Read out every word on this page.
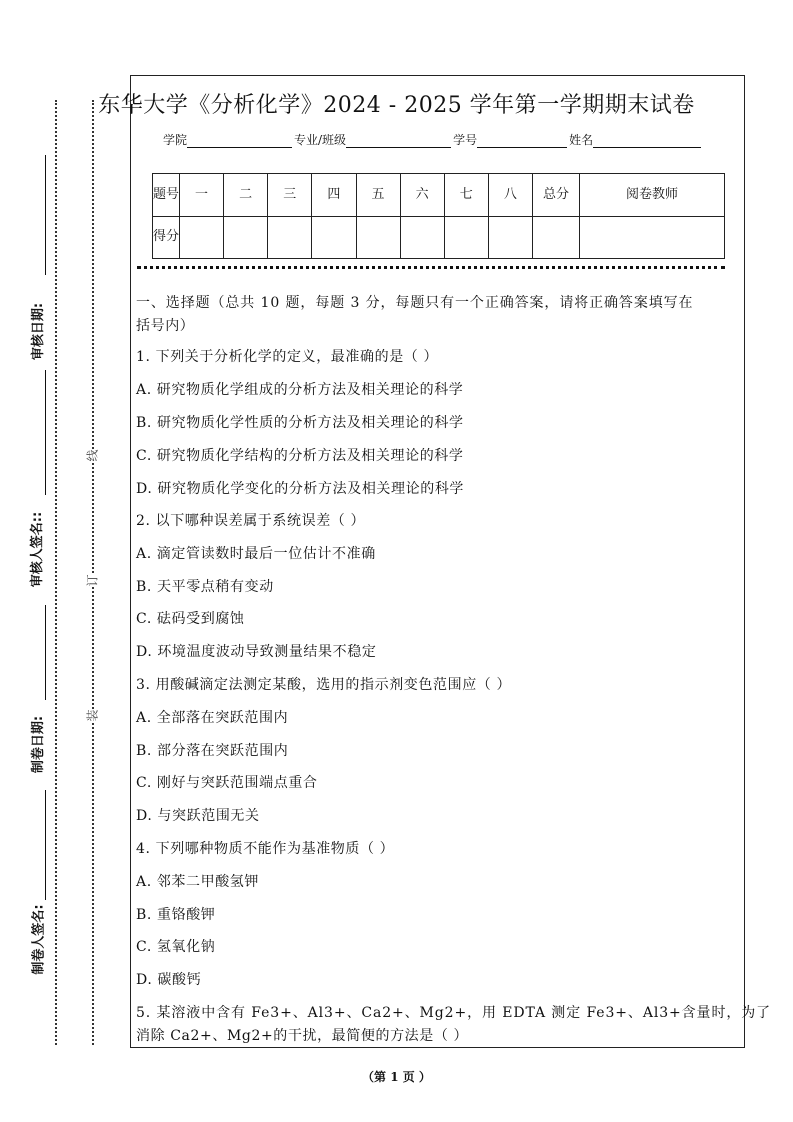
制卷人签名:
制卷日期:
审核人签名::
审核日期:
装
订
线
东华大学《分析化学》2024 - 2025 学年第一学期期末试卷
学院	专业/班级	学号	姓名
题号	一	二	三	四	五	六	七	八	总分	阅卷教师
得分										
一、选择题（总共 10 题，每题 3 分，每题只有一个正确答案，请将正确答案填写在
括号内）
1. 下列关于分析化学的定义，最准确的是（ ）
A. 研究物质化学组成的分析方法及相关理论的科学
B. 研究物质化学性质的分析方法及相关理论的科学
C. 研究物质化学结构的分析方法及相关理论的科学
D. 研究物质化学变化的分析方法及相关理论的科学
2. 以下哪种误差属于系统误差（ ）
A. 滴定管读数时最后一位估计不准确
B. 天平零点稍有变动
C. 砝码受到腐蚀
D. 环境温度波动导致测量结果不稳定
3. 用酸碱滴定法测定某酸，选用的指示剂变色范围应（ ）
A. 全部落在突跃范围内
B. 部分落在突跃范围内
C. 刚好与突跃范围端点重合
D. 与突跃范围无关
4. 下列哪种物质不能作为基准物质（ ）
A. 邻苯二甲酸氢钾
B. 重铬酸钾
C. 氢氧化钠
D. 碳酸钙
5. 某溶液中含有 Fe3+、Al3+、Ca2+、Mg2+，用 EDTA 测定 Fe3+、Al3+含量时，为了
消除 Ca2+、Mg2+的干扰，最简便的方法是（ ）
（第 1 页 ）
